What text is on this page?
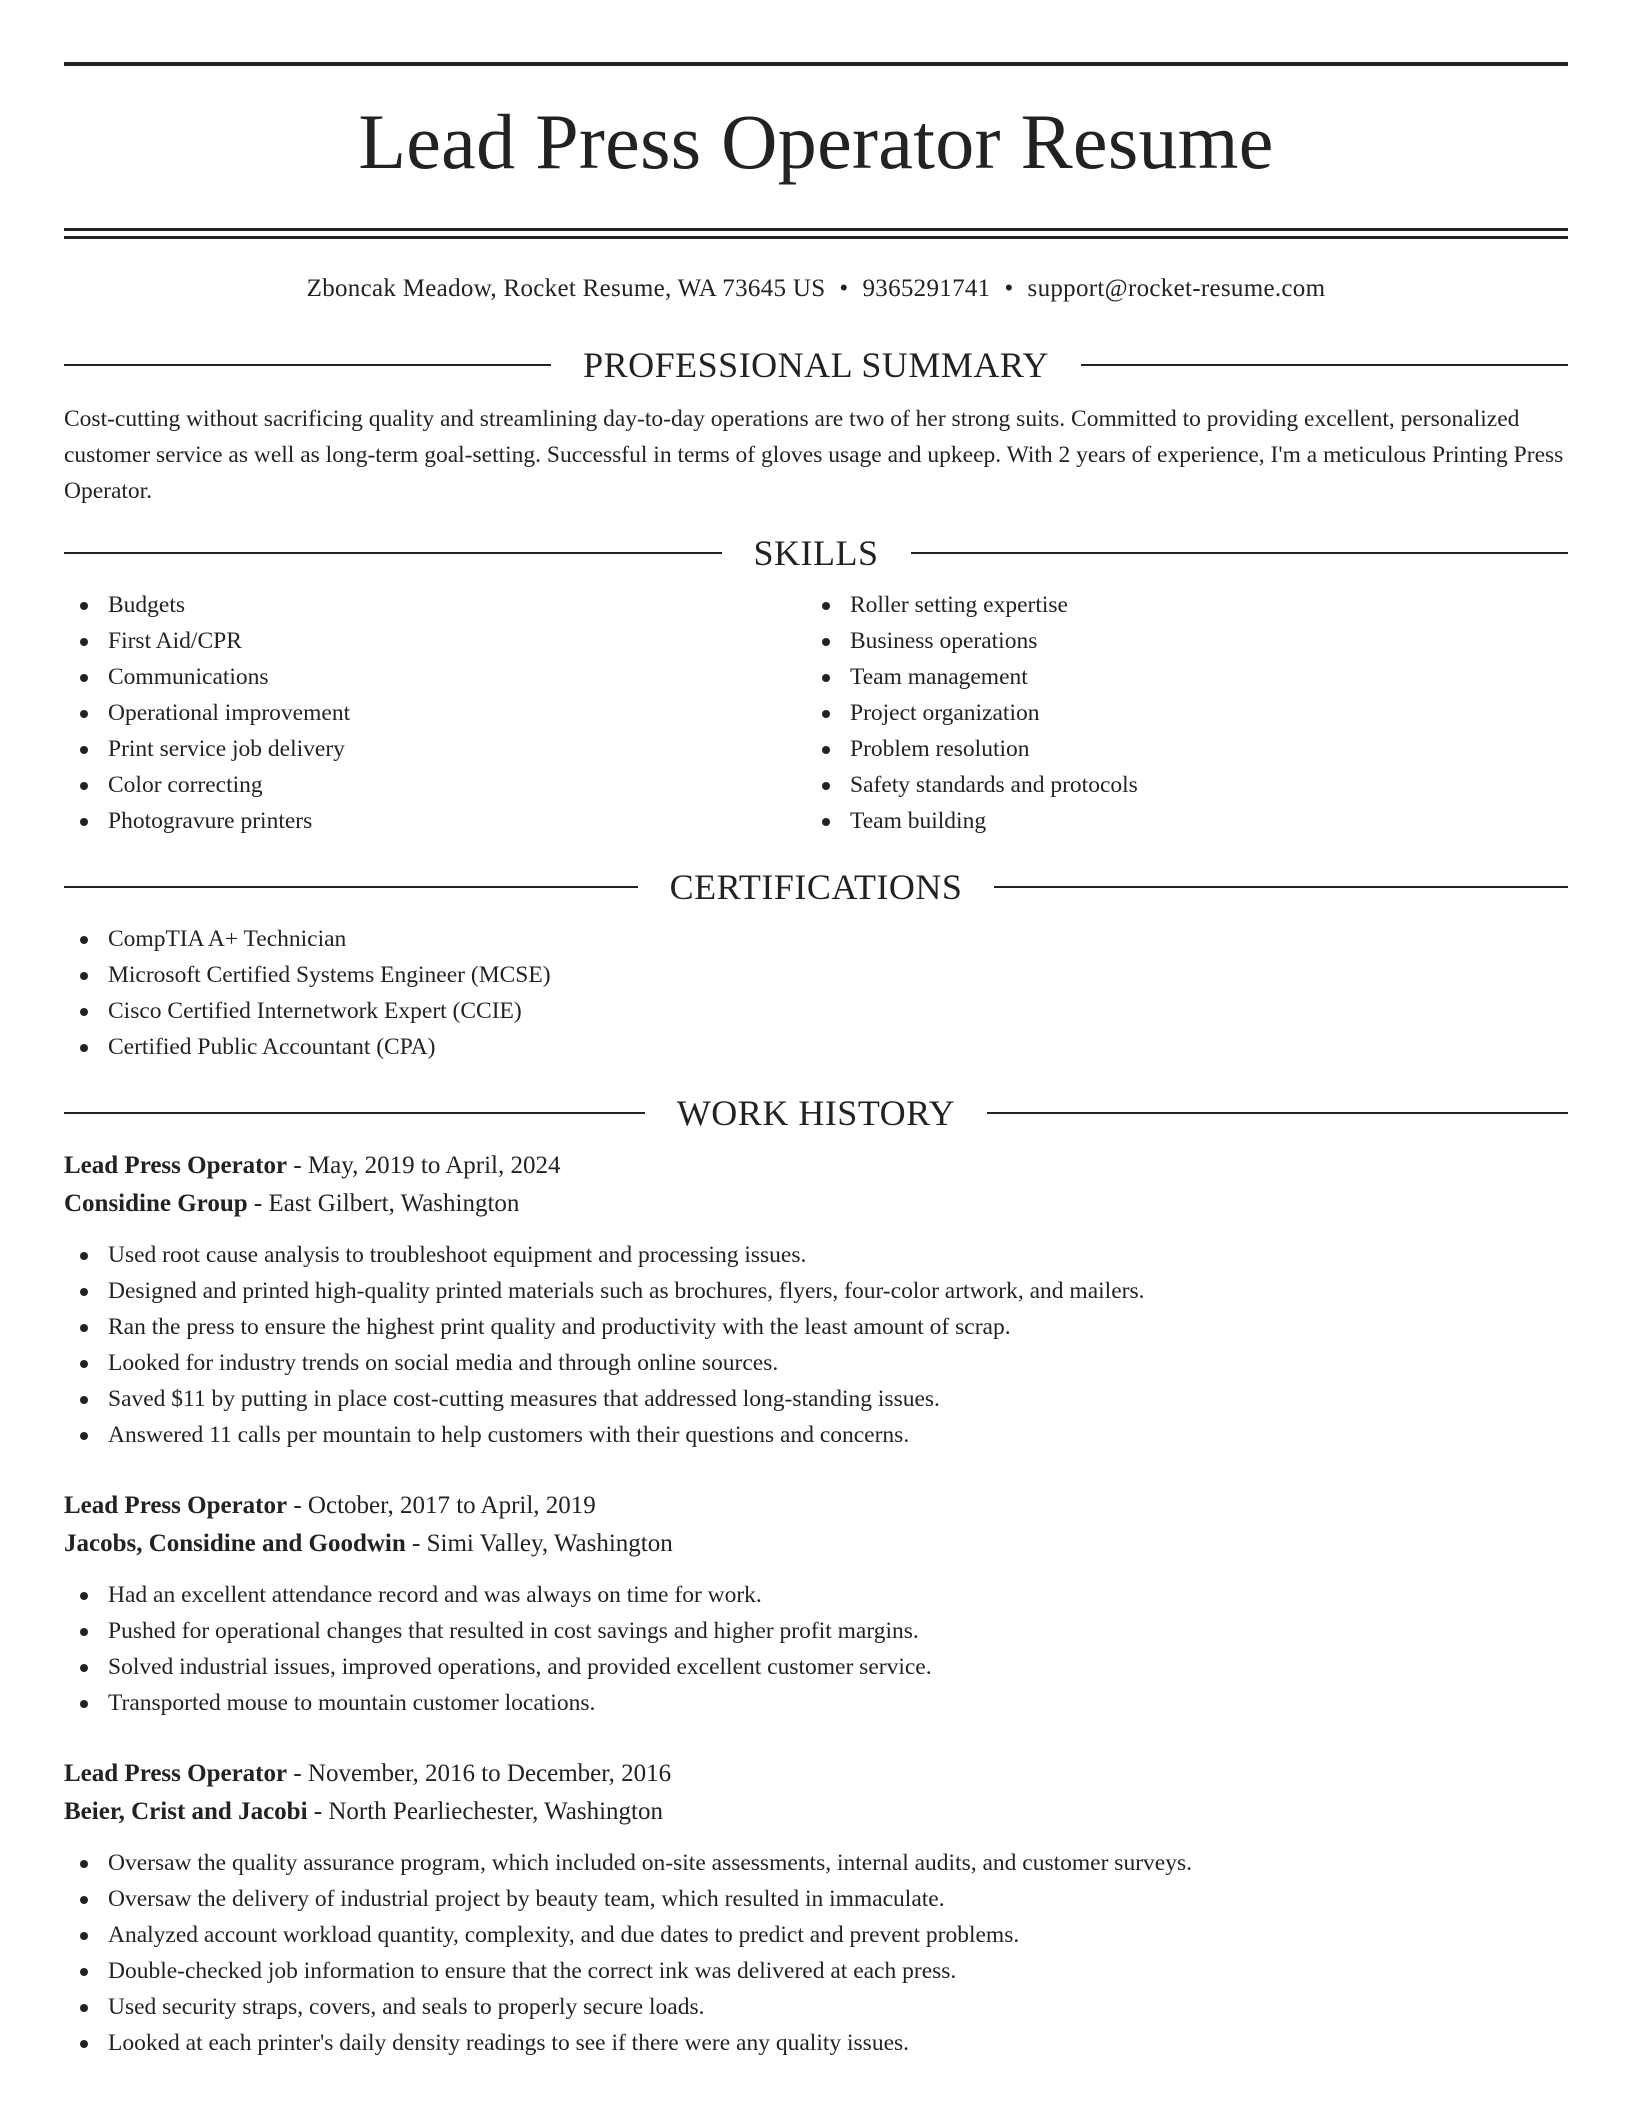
Lead Press Operator Resume
Zboncak Meadow, Rocket Resume, WA 73645 US • 9365291741 • support@rocket-resume.com
PROFESSIONAL SUMMARY

Cost-cutting without sacrificing quality and streamlining day-to-day operations are two of her strong suits. Committed to providing excellent, personalized customer service as well as long-term goal-setting. Successful in terms of gloves usage and upkeep. With 2 years of experience, I'm a meticulous Printing Press Operator.

SKILLS
Budgets
First Aid/CPR
Communications
Operational improvement
Print service job delivery
Color correcting
Photogravure printers
Roller setting expertise
Business operations
Team management
Project organization
Problem resolution
Safety standards and protocols
Team building
CERTIFICATIONS
CompTIA A+ Technician
Microsoft Certified Systems Engineer (MCSE)
Cisco Certified Internetwork Expert (CCIE)
Certified Public Accountant (CPA)
WORK HISTORY
Lead Press Operator - May, 2019 to April, 2024
Considine Group - East Gilbert, Washington
Used root cause analysis to troubleshoot equipment and processing issues.
Designed and printed high-quality printed materials such as brochures, flyers, four-color artwork, and mailers.
Ran the press to ensure the highest print quality and productivity with the least amount of scrap.
Looked for industry trends on social media and through online sources.
Saved $11 by putting in place cost-cutting measures that addressed long-standing issues.
Answered 11 calls per mountain to help customers with their questions and concerns.
Lead Press Operator - October, 2017 to April, 2019
Jacobs, Considine and Goodwin - Simi Valley, Washington
Had an excellent attendance record and was always on time for work.
Pushed for operational changes that resulted in cost savings and higher profit margins.
Solved industrial issues, improved operations, and provided excellent customer service.
Transported mouse to mountain customer locations.
Lead Press Operator - November, 2016 to December, 2016
Beier, Crist and Jacobi - North Pearliechester, Washington
Oversaw the quality assurance program, which included on-site assessments, internal audits, and customer surveys.
Oversaw the delivery of industrial project by beauty team, which resulted in immaculate.
Analyzed account workload quantity, complexity, and due dates to predict and prevent problems.
Double-checked job information to ensure that the correct ink was delivered at each press.
Used security straps, covers, and seals to properly secure loads.
Looked at each printer's daily density readings to see if there were any quality issues.
